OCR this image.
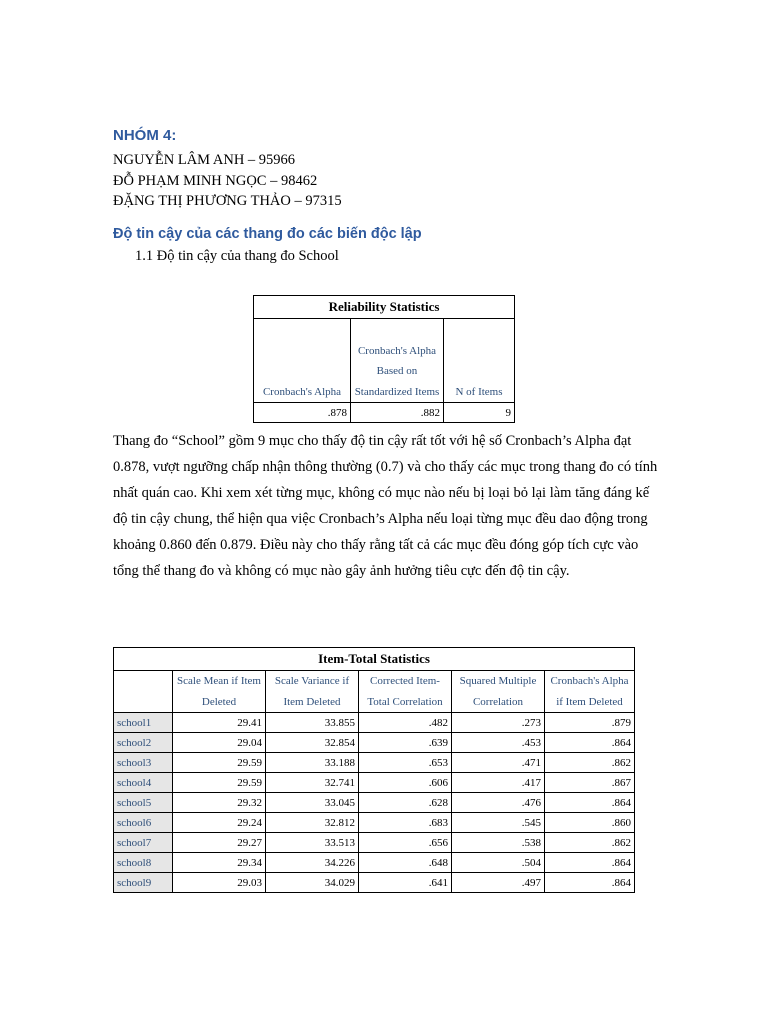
NHÓM 4:
NGUYỄN LÂM ANH – 95966
ĐỖ PHẠM MINH NGỌC – 98462
ĐẶNG THỊ PHƯƠNG THẢO – 97315
Độ tin cậy của các thang đo các biến độc lập
1.1 Độ tin cậy của thang đo School
Reliability Statistics		
Cronbach's Alpha	Cronbach's Alpha Based on Standardized Items	N of Items
.878	.882	9
Thang đo “School” gồm 9 mục cho thấy độ tin cậy rất tốt với hệ số Cronbach’s Alpha đạt 0.878, vượt ngưỡng chấp nhận thông thường (0.7) và cho thấy các mục trong thang đo có tính nhất quán cao. Khi xem xét từng mục, không có mục nào nếu bị loại bỏ lại làm tăng đáng kế độ tin cậy chung, thể hiện qua việc Cronbach’s Alpha nếu loại từng mục đều dao động trong khoảng 0.860 đến 0.879. Điều này cho thấy rằng tất cả các mục đều đóng góp tích cực vào tổng thể thang đo và không có mục nào gây ảnh hưởng tiêu cực đến độ tin cậy.
Item-Total Statistics					
	Scale Mean if Item Deleted	Scale Variance if Item Deleted	Corrected Item-Total Correlation	Squared Multiple Correlation	Cronbach's Alpha if Item Deleted
school1	29.41	33.855	.482	.273	.879
school2	29.04	32.854	.639	.453	.864
school3	29.59	33.188	.653	.471	.862
school4	29.59	32.741	.606	.417	.867
school5	29.32	33.045	.628	.476	.864
school6	29.24	32.812	.683	.545	.860
school7	29.27	33.513	.656	.538	.862
school8	29.34	34.226	.648	.504	.864
school9	29.03	34.029	.641	.497	.864
